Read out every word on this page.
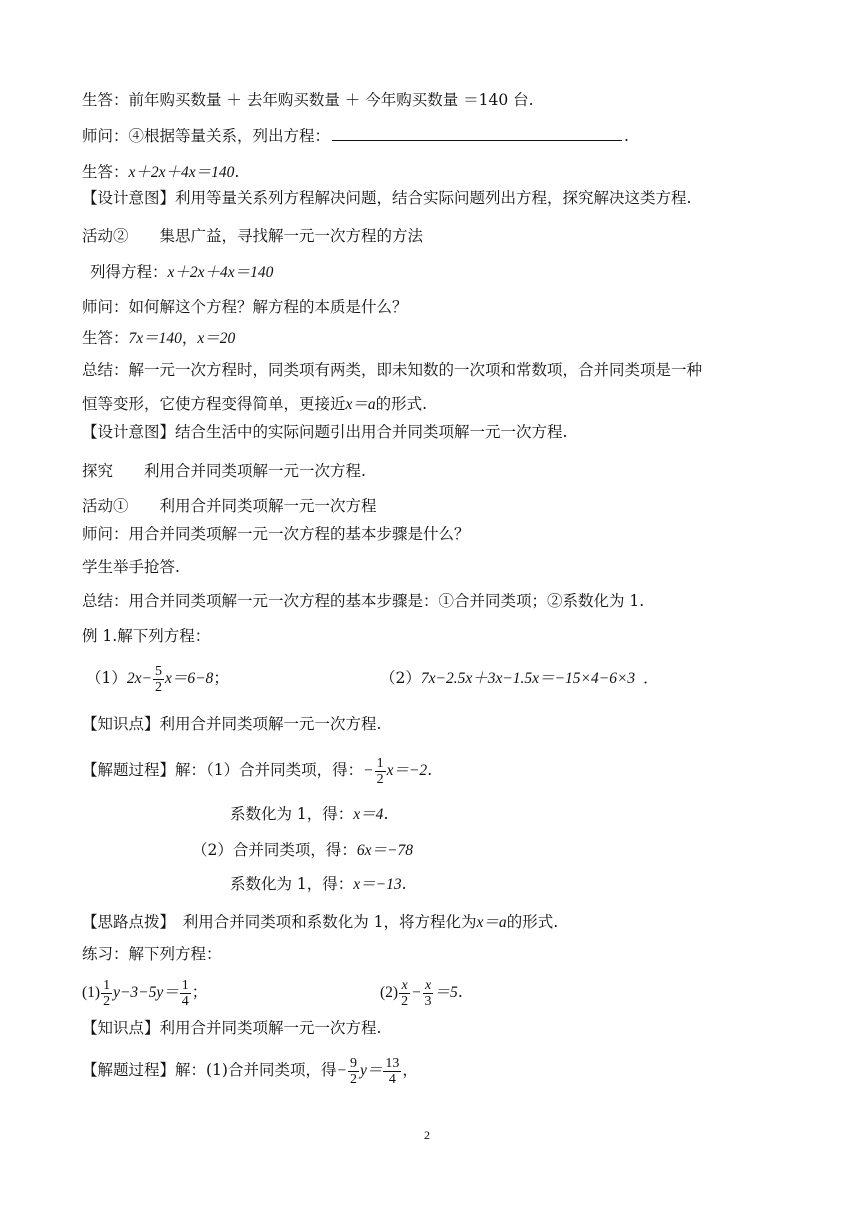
生答：前年购买数量 ＋ 去年购买数量 ＋ 今年购买数量 ＝140 台.
师问：④根据等量关系，列出方程：	.
生答：x＋2x＋4x＝140.
【设计意图】利用等量关系列方程解决问题，结合实际问题列出方程，探究解决这类方程.
活动②　　集思广益，寻找解一元一次方程的方法
列得方程：x＋2x＋4x＝140
师问：如何解这个方程？解方程的本质是什么？
生答：7x＝140，x＝20
总结：解一元一次方程时，同类项有两类，即未知数的一次项和常数项，合并同类项是一种
恒等变形，它使方程变得简单，更接近x＝a的形式.
【设计意图】结合生活中的实际问题引出用合并同类项解一元一次方程.
探究　　利用合并同类项解一元一次方程.
活动①　　利用合并同类项解一元一次方程
师问：用合并同类项解一元一次方程的基本步骤是什么？
学生举手抢答.
总结：用合并同类项解一元一次方程的基本步骤是：①合并同类项；②系数化为 1.
例 1.解下列方程：
$(1)2x- \frac{5}{2} x=6-8$；	（2）7x−2.5x＋3x−1.5x＝−15×4−6×3 ．
【知识点】利用合并同类项解一元一次方程.
【解题过程】解：（1）合并同类项，得：− $\frac{1}{2} x=-2$.
系数化为 1，得：x＝4.
（2）合并同类项，得：6x＝−78
系数化为 1，得：x＝−13.
【思路点拨】　利用合并同类项和系数化为 1，将方程化为x＝a的形式.
练习：解下列方程：
$(1) \frac{1}{2} y-3-5y= \frac{1}{4}$ ；	$(2) \frac{x}{2} - \frac{x}{3} =5$.
【知识点】利用合并同类项解一元一次方程.
【解题过程】解：(1)合并同类项，得− $\frac{9}{2} y= \frac{13}{4}$ ，
2
